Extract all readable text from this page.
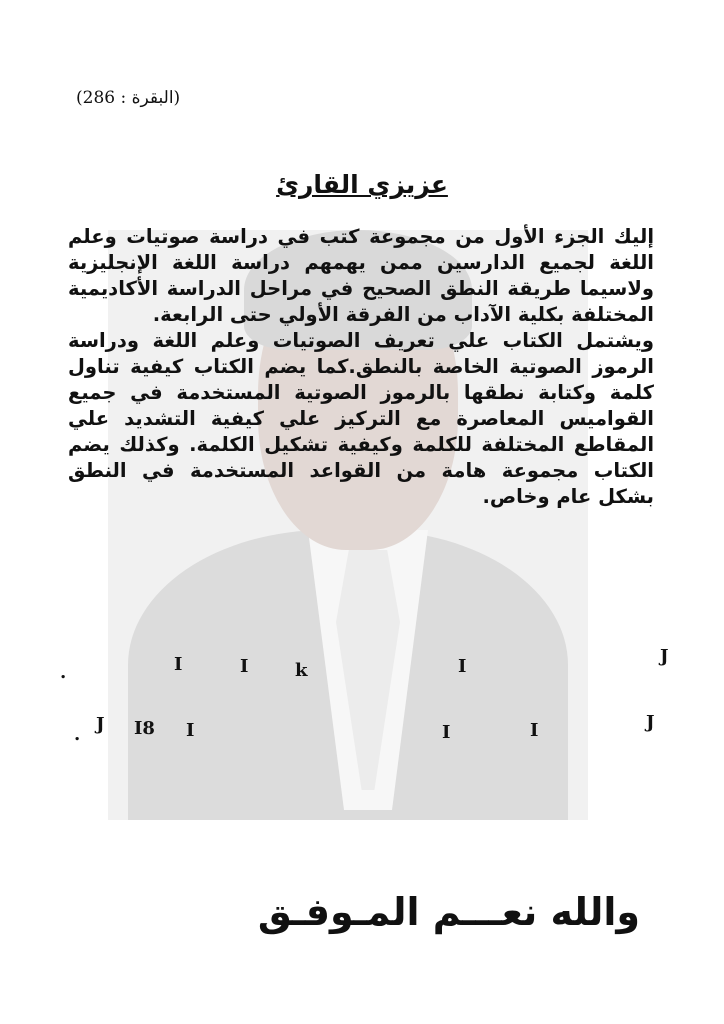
(البقرة : 286)
عزيزي القارئ

إليك الجزء الأول من مجموعة كتب في دراسة صوتيات وعلم اللغة لجميع الدارسين ممن يهمهم دراسة اللغة الإنجليزية ولاسيما طريقة النطق الصحيح في مراحل الدراسة الأكاديمية المختلفة بكلية الآداب من الفرقة الأولي حتى الرابعة.

ويشتمل الكتاب علي تعريف الصوتيات وعلم اللغة ودراسة الرموز الصوتية الخاصة بالنطق.كما يضم الكتاب كيفية تناول كلمة وكتابة نطقها بالرموز الصوتية المستخدمة في جميع القواميس المعاصرة مع التركيز علي كيفية التشديد علي المقاطع المختلفة للكلمة وكيفية تشكيل الكلمة. وكذلك يضم الكتاب مجموعة هامة من القواعد المستخدمة في النطق بشكل عام وخاص.

.	I	I	k	I	J
. J I8 I	I	I	J
والله نعـــم المـوفـق
